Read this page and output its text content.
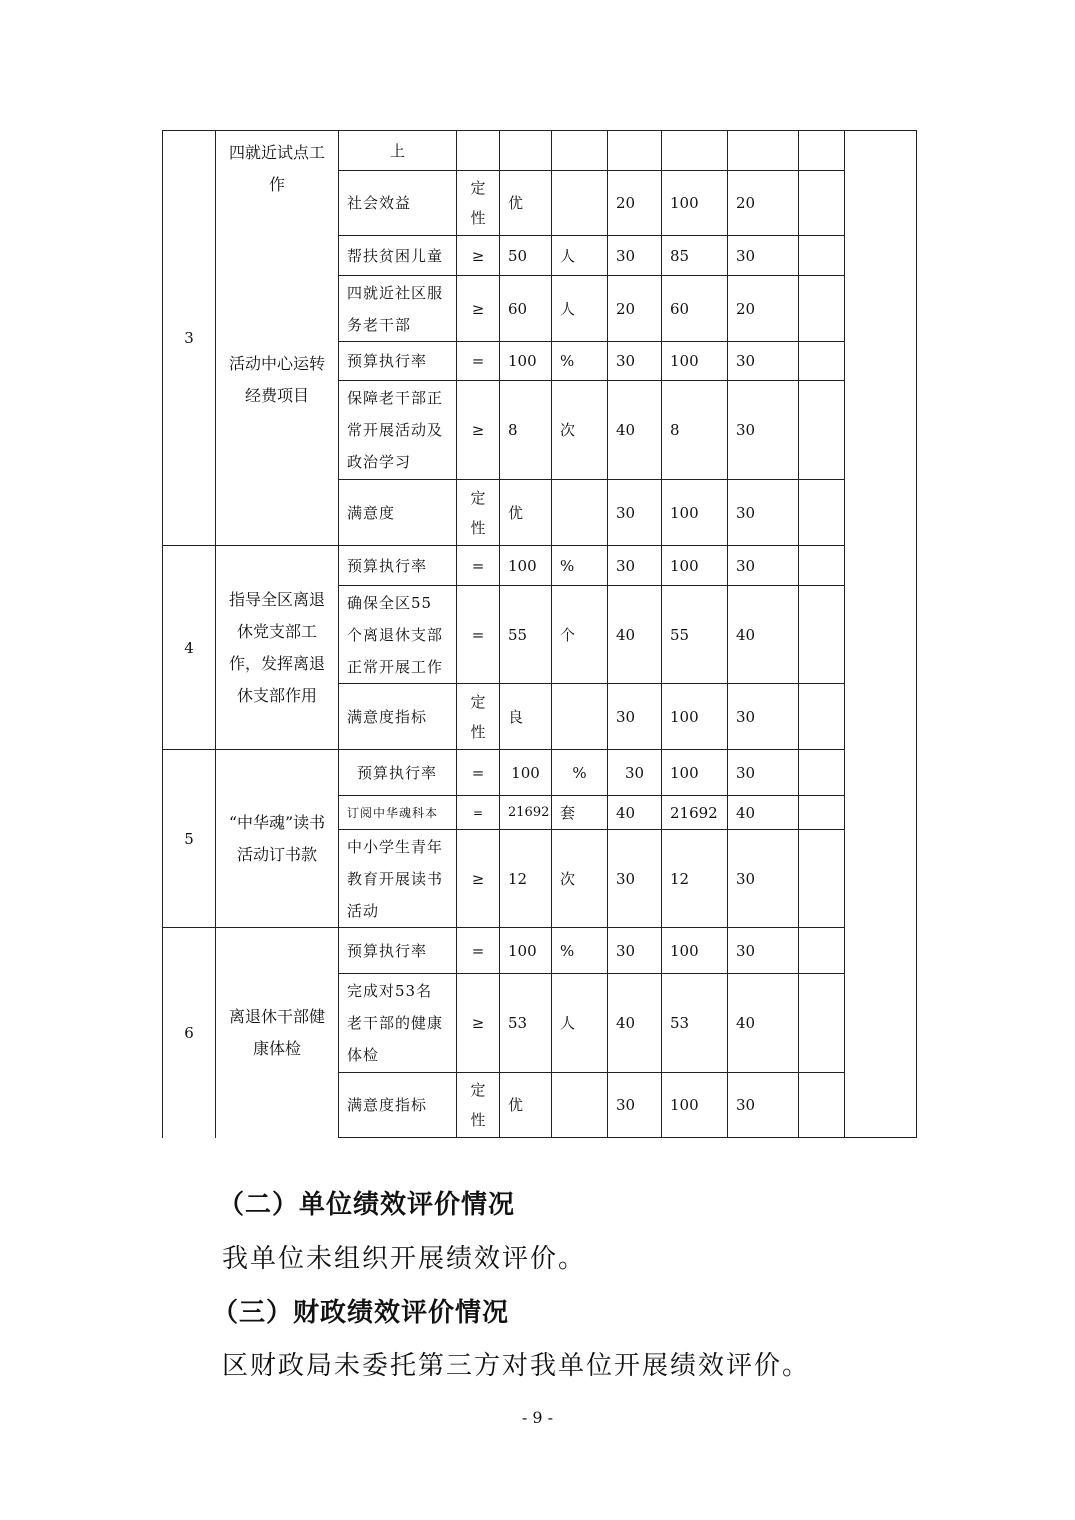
3	四就近试点工作	上								
		社会效益	定性	优		20	100	20		
		帮扶贫困儿童	≥	50	人	30	85	30		
		四就近社区服务老干部	≥	60	人	20	60	20		
	活动中心运转经费项目	预算执行率	=	100	%	30	100	30		
		保障老干部正常开展活动及政治学习	≥	8	次	40	8	30		
		满意度	定性	优		30	100	30		
4	指导全区离退休党支部工作，发挥离退休支部作用	预算执行率	=	100	%	30	100	30		
		确保全区55个离退休支部正常开展工作	=	55	个	40	55	40		
		满意度指标	定性	良		30	100	30		
5	“中华魂”读书活动订书款	预算执行率	=	100	%	30	100	30		
		订阅中华魂科本	=	21692	套	40	21692	40		
		中小学生青年教育开展读书活动	≥	12	次	30	12	30		
6	离退休干部健康体检	预算执行率	=	100	%	30	100	30		
		完成对53名老干部的健康体检	≥	53	人	40	53	40		
		满意度指标	定性	优		30	100	30		
（二）单位绩效评价情况
我单位未组织开展绩效评价。
（三）财政绩效评价情况
区财政局未委托第三方对我单位开展绩效评价。
- 9 -
